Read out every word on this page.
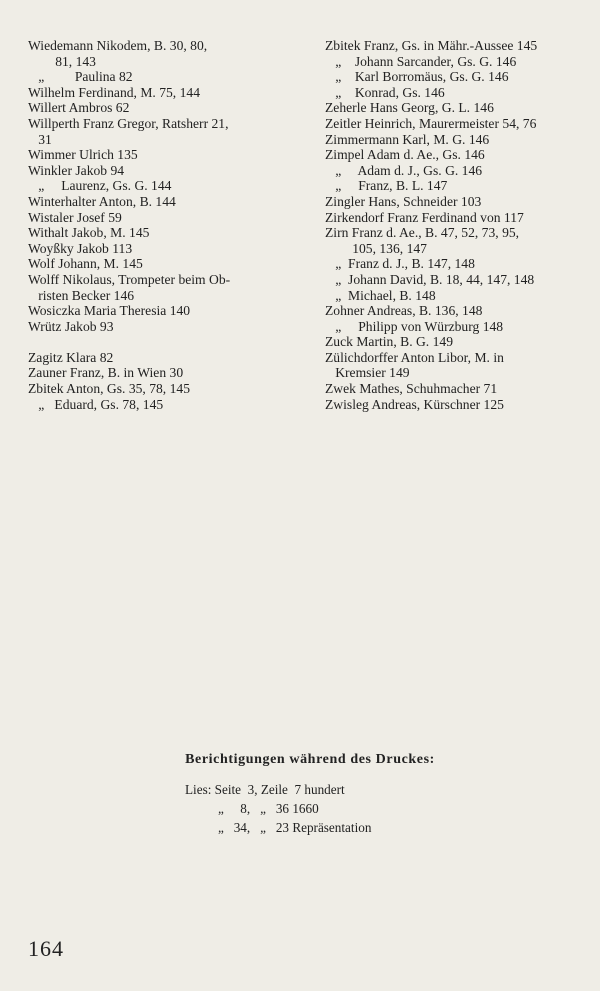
Wiedemann Nikodem, B. 30, 80,
81, 143
„         Paulina 82
Wilhelm Ferdinand, M. 75, 144
Willert Ambros 62
Willperth Franz Gregor, Ratsherr 21,
31
Wimmer Ulrich 135
Winkler Jakob 94
„     Laurenz, Gs. G. 144
Winterhalter Anton, B. 144
Wistaler Josef 59
Withalt Jakob, M. 145
Woyßky Jakob 113
Wolf Johann, M. 145
Wolff Nikolaus, Trompeter beim Ob-
risten Becker 146
Wosiczka Maria Theresia 140
Wrütz Jakob 93
Zagitz Klara 82
Zauner Franz, B. in Wien 30
Zbitek Anton, Gs. 35, 78, 145
„   Eduard, Gs. 78, 145
Zbitek Franz, Gs. in Mähr.-Aussee 145
„    Johann Sarcander, Gs. G. 146
„    Karl Borromäus, Gs. G. 146
„    Konrad, Gs. 146
Zeherle Hans Georg, G. L. 146
Zeitler Heinrich, Maurermeister 54, 76
Zimmermann Karl, M. G. 146
Zimpel Adam d. Ae., Gs. 146
„     Adam d. J., Gs. G. 146
„     Franz, B. L. 147
Zingler Hans, Schneider 103
Zirkendorf Franz Ferdinand von 117
Zirn Franz d. Ae., B. 47, 52, 73, 95,
105, 136, 147
„  Franz d. J., B. 147, 148
„  Johann David, B. 18, 44, 147, 148
„  Michael, B. 148
Zohner Andreas, B. 136, 148
„     Philipp von Würzburg 148
Zuck Martin, B. G. 149
Zülichdorffer Anton Libor, M. in
Kremsier 149
Zwek Mathes, Schuhmacher 71
Zwisleg Andreas, Kürschner 125
Berichtigungen während des Druckes:
Lies: Seite  3, Zeile  7 hundert
„     8,   „   36 1660
„   34,   „   23 Repräsentation
164
